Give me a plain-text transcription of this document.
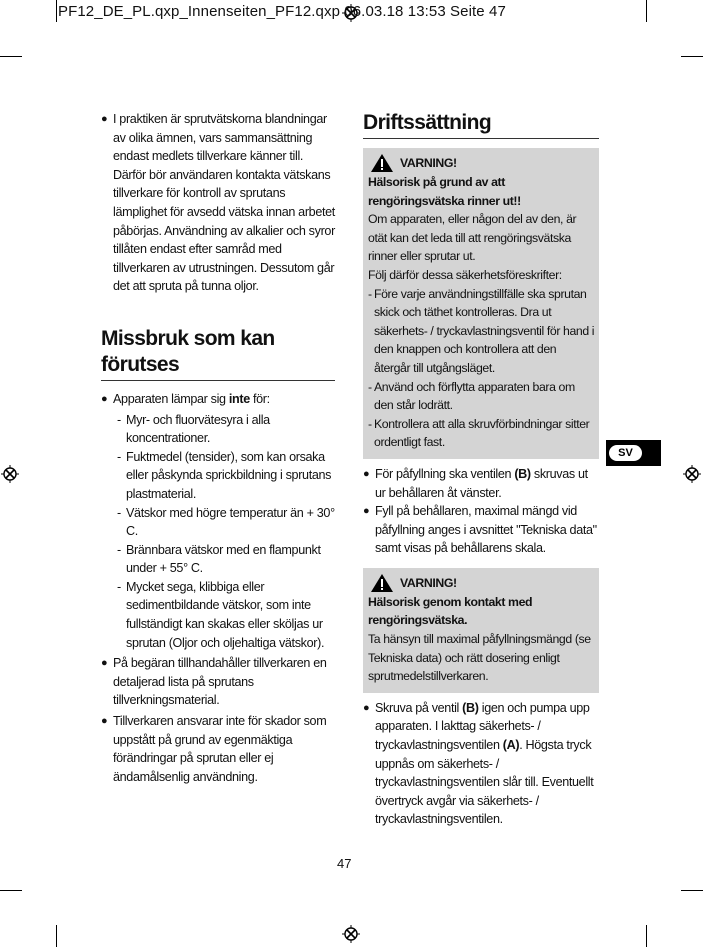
PF12_DE_PL.qxp_Innenseiten_PF12.qxp 06.03.18 13:53 Seite 47

● I praktiken är sprutvätskorna blandningar av olika ämnen, vars sammansättning endast medlets tillverkare känner till. Därför bör användaren kontakta vätskans tillverkare för kontroll av sprutans lämplighet för avsedd vätska innan arbetet påbörjas. Användning av alkalier och syror tillåten endast efter samråd med tillverkaren av utrustningen. Dessutom går det att spruta på tunna oljor.

Missbruk som kan förutses

● Apparaten lämpar sig inte för:

- Myr- och fluorvätesyra i alla koncentrationer.
- Fuktmedel (tensider), som kan orsaka eller påskynda sprickbildning i sprutans plastmaterial.
- Vätskor med högre temperatur än + 30° C.
- Brännbara vätskor med en flampunkt under + 55° C.
- Mycket sega, klibbiga eller sedimentbildande vätskor, som inte fullständigt kan skakas eller sköljas ur sprutan (Oljor och oljehaltiga vätskor).

● På begäran tillhandahåller tillverkaren en detaljerad lista på sprutans tillverkningsmaterial.

● Tillverkaren ansvarar inte för skador som uppstått på grund av egenmäktiga förändringar på sprutan eller ej ändamålsenlig användning.

Driftssättning
VARNING!
Hälsorisk på grund av att rengöringsvätska rinner ut!!
Om apparaten, eller någon del av den, är otät kan det leda till att rengöringsvätska rinner eller sprutar ut.
Följ därför dessa säkerhetsföreskrifter:
- Före varje användningstillfälle ska sprutan skick och täthet kontrolleras. Dra ut säkerhets- / tryckavlastningsventil för hand i den knappen och kontrollera att den återgår till utgångsläget.
- Använd och förflytta apparaten bara om den står lodrätt.
- Kontrollera att alla skruvförbindningar sitter ordentligt fast.

● För påfyllning ska ventilen (B) skruvas ut ur behållaren åt vänster.

● Fyll på behållaren, maximal mängd vid påfyllning anges i avsnittet "Tekniska data" samt visas på behållarens skala.

VARNING!
Hälsorisk genom kontakt med rengöringsvätska.
Ta hänsyn till maximal påfyllningsmängd (se Tekniska data) och rätt dosering enligt sprutmedelstillverkaren.

● Skruva på ventil (B) igen och pumpa upp apparaten. I lakttag säkerhets- / tryckavlastningsventilen (A). Högsta tryck uppnås om säkerhets- / tryckavlastningsventilen slår till. Eventuellt övertryck avgår via säkerhets- / tryckavlastningsventilen.

SV
47
